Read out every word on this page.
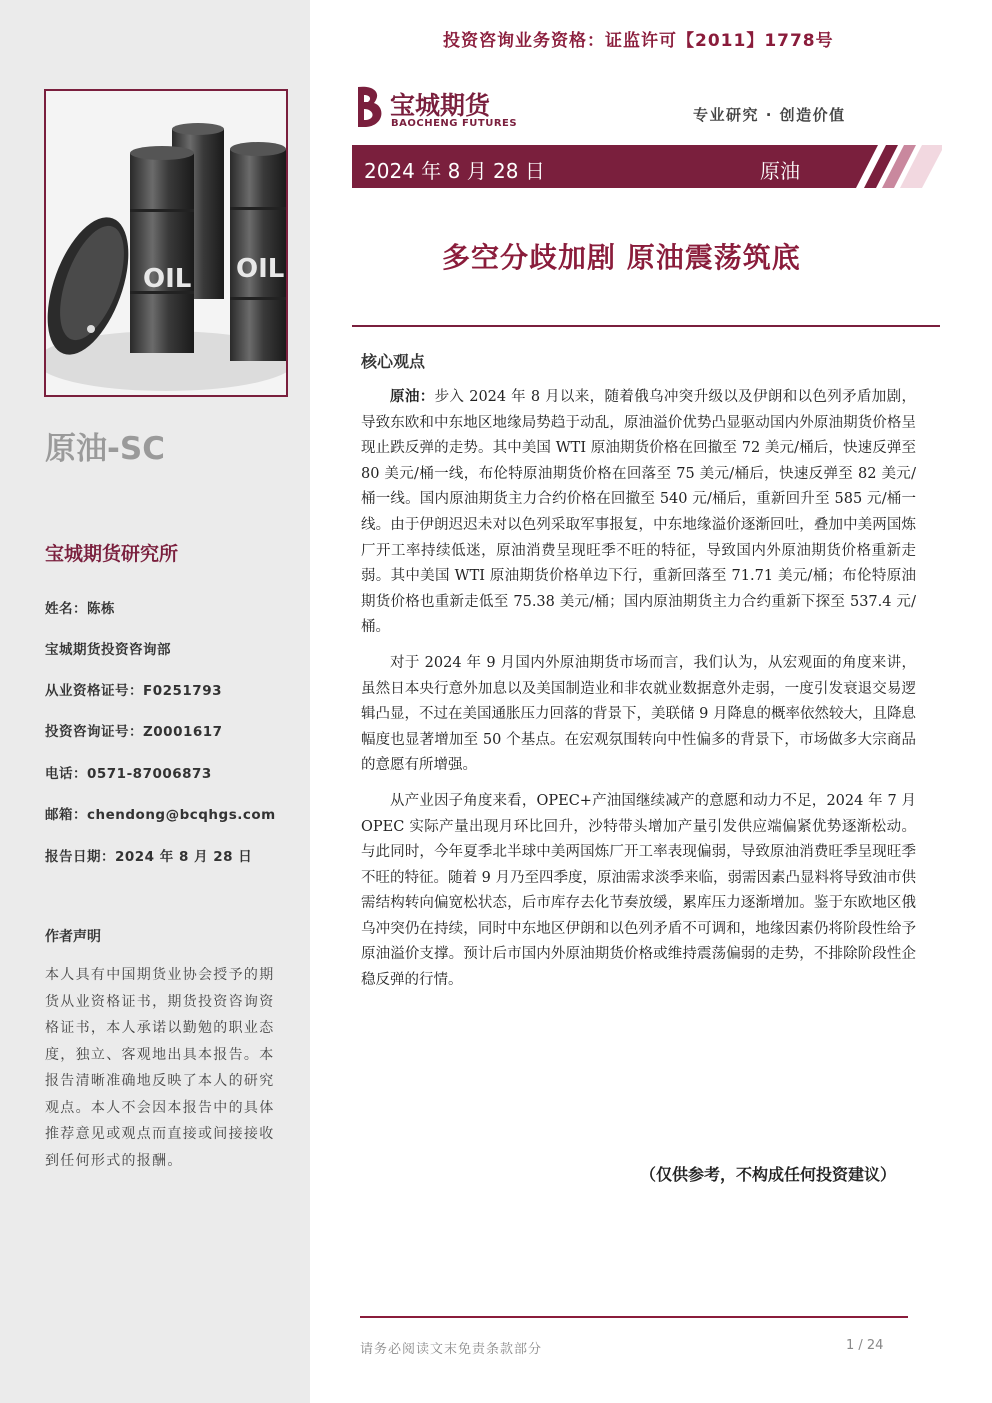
OIL OIL
原油-SC
宝城期货研究所
姓名：陈栋
宝城期货投资咨询部
从业资格证号：F0251793
投资咨询证号：Z0001617
电话：0571-87006873
邮箱：chendong@bcqhgs.com
报告日期：2024 年 8 月 28 日
作者声明
本人具有中国期货业协会授予的期货从业资格证书，期货投资咨询资格证书，本人承诺以勤勉的职业态度，独立、客观地出具本报告。本报告清晰准确地反映了本人的研究观点。本人不会因本报告中的具体推荐意见或观点而直接或间接接收到任何形式的报酬。
投资咨询业务资格：证监许可【2011】1778号
宝城期货
BAOCHENG FUTURES	专业研究 · 创造价值
2024 年 8 月 28 日	原油
多空分歧加剧 原油震荡筑底
核心观点

原油：步入 2024 年 8 月以来，随着俄乌冲突升级以及伊朗和以色列矛盾加剧，导致东欧和中东地区地缘局势趋于动乱，原油溢价优势凸显驱动国内外原油期货价格呈现止跌反弹的走势。其中美国 WTI 原油期货价格在回撤至 72 美元/桶后，快速反弹至 80 美元/桶一线，布伦特原油期货价格在回落至 75 美元/桶后，快速反弹至 82 美元/桶一线。国内原油期货主力合约价格在回撤至 540 元/桶后，重新回升至 585 元/桶一线。由于伊朗迟迟未对以色列采取军事报复，中东地缘溢价逐渐回吐，叠加中美两国炼厂开工率持续低迷，原油消费呈现旺季不旺的特征，导致国内外原油期货价格重新走弱。其中美国 WTI 原油期货价格单边下行，重新回落至 71.71 美元/桶；布伦特原油期货价格也重新走低至 75.38 美元/桶；国内原油期货主力合约重新下探至 537.4 元/桶。

对于 2024 年 9 月国内外原油期货市场而言，我们认为，从宏观面的角度来讲，虽然日本央行意外加息以及美国制造业和非农就业数据意外走弱，一度引发衰退交易逻辑凸显，不过在美国通胀压力回落的背景下，美联储 9 月降息的概率依然较大，且降息幅度也显著增加至 50 个基点。在宏观氛围转向中性偏多的背景下，市场做多大宗商品的意愿有所增强。

从产业因子角度来看，OPEC+产油国继续减产的意愿和动力不足，2024 年 7 月 OPEC 实际产量出现月环比回升，沙特带头增加产量引发供应端偏紧优势逐渐松动。与此同时，今年夏季北半球中美两国炼厂开工率表现偏弱，导致原油消费旺季呈现旺季不旺的特征。随着 9 月乃至四季度，原油需求淡季来临，弱需因素凸显料将导致油市供需结构转向偏宽松状态，后市库存去化节奏放缓，累库压力逐渐增加。鉴于东欧地区俄乌冲突仍在持续，同时中东地区伊朗和以色列矛盾不可调和，地缘因素仍将阶段性给予原油溢价支撑。预计后市国内外原油期货价格或维持震荡偏弱的走势，不排除阶段性企稳反弹的行情。

（仅供参考，不构成任何投资建议）
请务必阅读文末免责条款部分	1 / 24
